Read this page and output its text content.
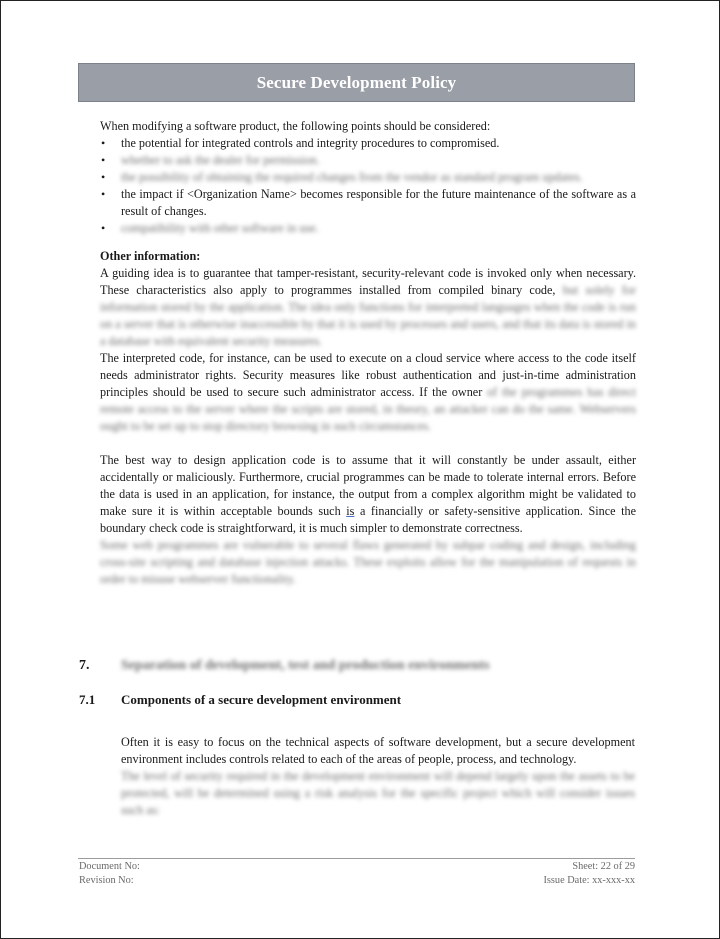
Secure Development Policy

When modifying a software product, the following points should be considered:

• the potential for integrated controls and integrity procedures to compromised.
• whether to ask the dealer for permission.
• the possibility of obtaining the required changes from the vendor as standard program updates.
• the impact if <Organization Name> becomes responsible for the future maintenance of the software as a result of changes.
• compatibility with other software in use.

Other information:

A guiding idea is to guarantee that tamper-resistant, security-relevant code is invoked only when necessary. These characteristics also apply to programmes installed from compiled binary code, but solely for information stored by the application. The idea only functions for interpreted languages when the code is run on a server that is otherwise inaccessible by that it is used by processes and users, and that its data is stored in a database with equivalent security measures.

The interpreted code, for instance, can be used to execute on a cloud service where access to the code itself needs administrator rights. Security measures like robust authentication and just-in-time administration principles should be used to secure such administrator access. If the owner of the programmes has direct remote access to the server where the scripts are stored, in theory, an attacker can do the same. Webservers ought to be set up to stop directory browsing in such circumstances.

The best way to design application code is to assume that it will constantly be under assault, either accidentally or maliciously. Furthermore, crucial programmes can be made to tolerate internal errors. Before the data is used in an application, for instance, the output from a complex algorithm might be validated to make sure it is within acceptable bounds such is a financially or safety-sensitive application. Since the boundary check code is straightforward, it is much simpler to demonstrate correctness.

Some web programmes are vulnerable to several flaws generated by subpar coding and design, including cross-site scripting and database injection attacks. These exploits allow for the manipulation of requests in order to misuse webserver functionality.

7.	Separation of development, test and production environments
7.1	Components of a secure development environment

Often it is easy to focus on the technical aspects of software development, but a secure development environment includes controls related to each of the areas of people, process, and technology.

The level of security required in the development environment will depend largely upon the assets to be protected, will be determined using a risk analysis for the specific project which will consider issues such as:

Document No:	Sheet: 22 of 29
Revision No:	Issue Date: xx-xxx-xx
